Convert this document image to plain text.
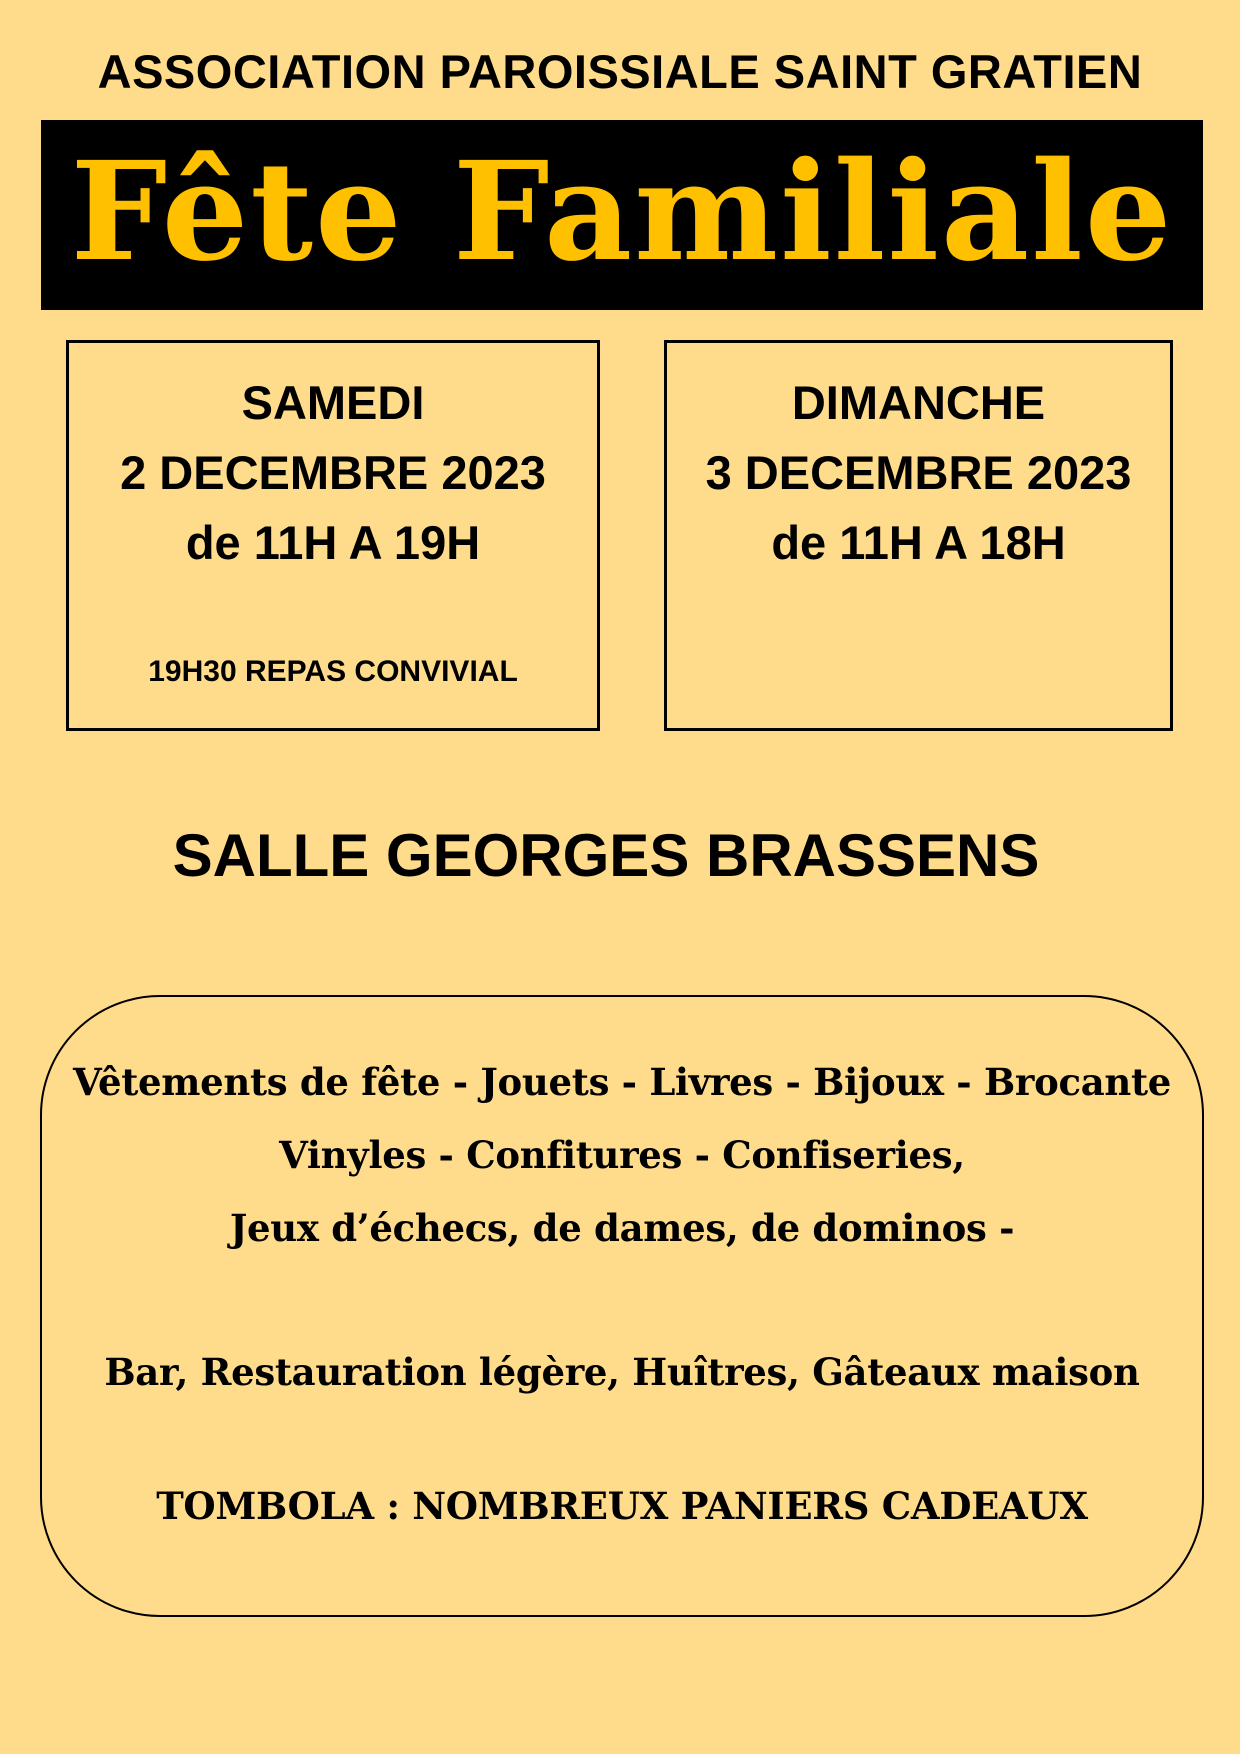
ASSOCIATION PAROISSIALE SAINT GRATIEN
Fête Familiale
SAMEDI
2 DECEMBRE 2023
de 11H A 19H
19H30 REPAS CONVIVIAL
DIMANCHE
3 DECEMBRE 2023
de 11H A 18H
SALLE GEORGES BRASSENS
Vêtements de fête - Jouets - Livres - Bijoux - Brocante
Vinyles - Confitures - Confiseries,
Jeux d’échecs, de dames, de dominos -
Bar, Restauration légère, Huîtres, Gâteaux maison
TOMBOLA : NOMBREUX PANIERS CADEAUX
